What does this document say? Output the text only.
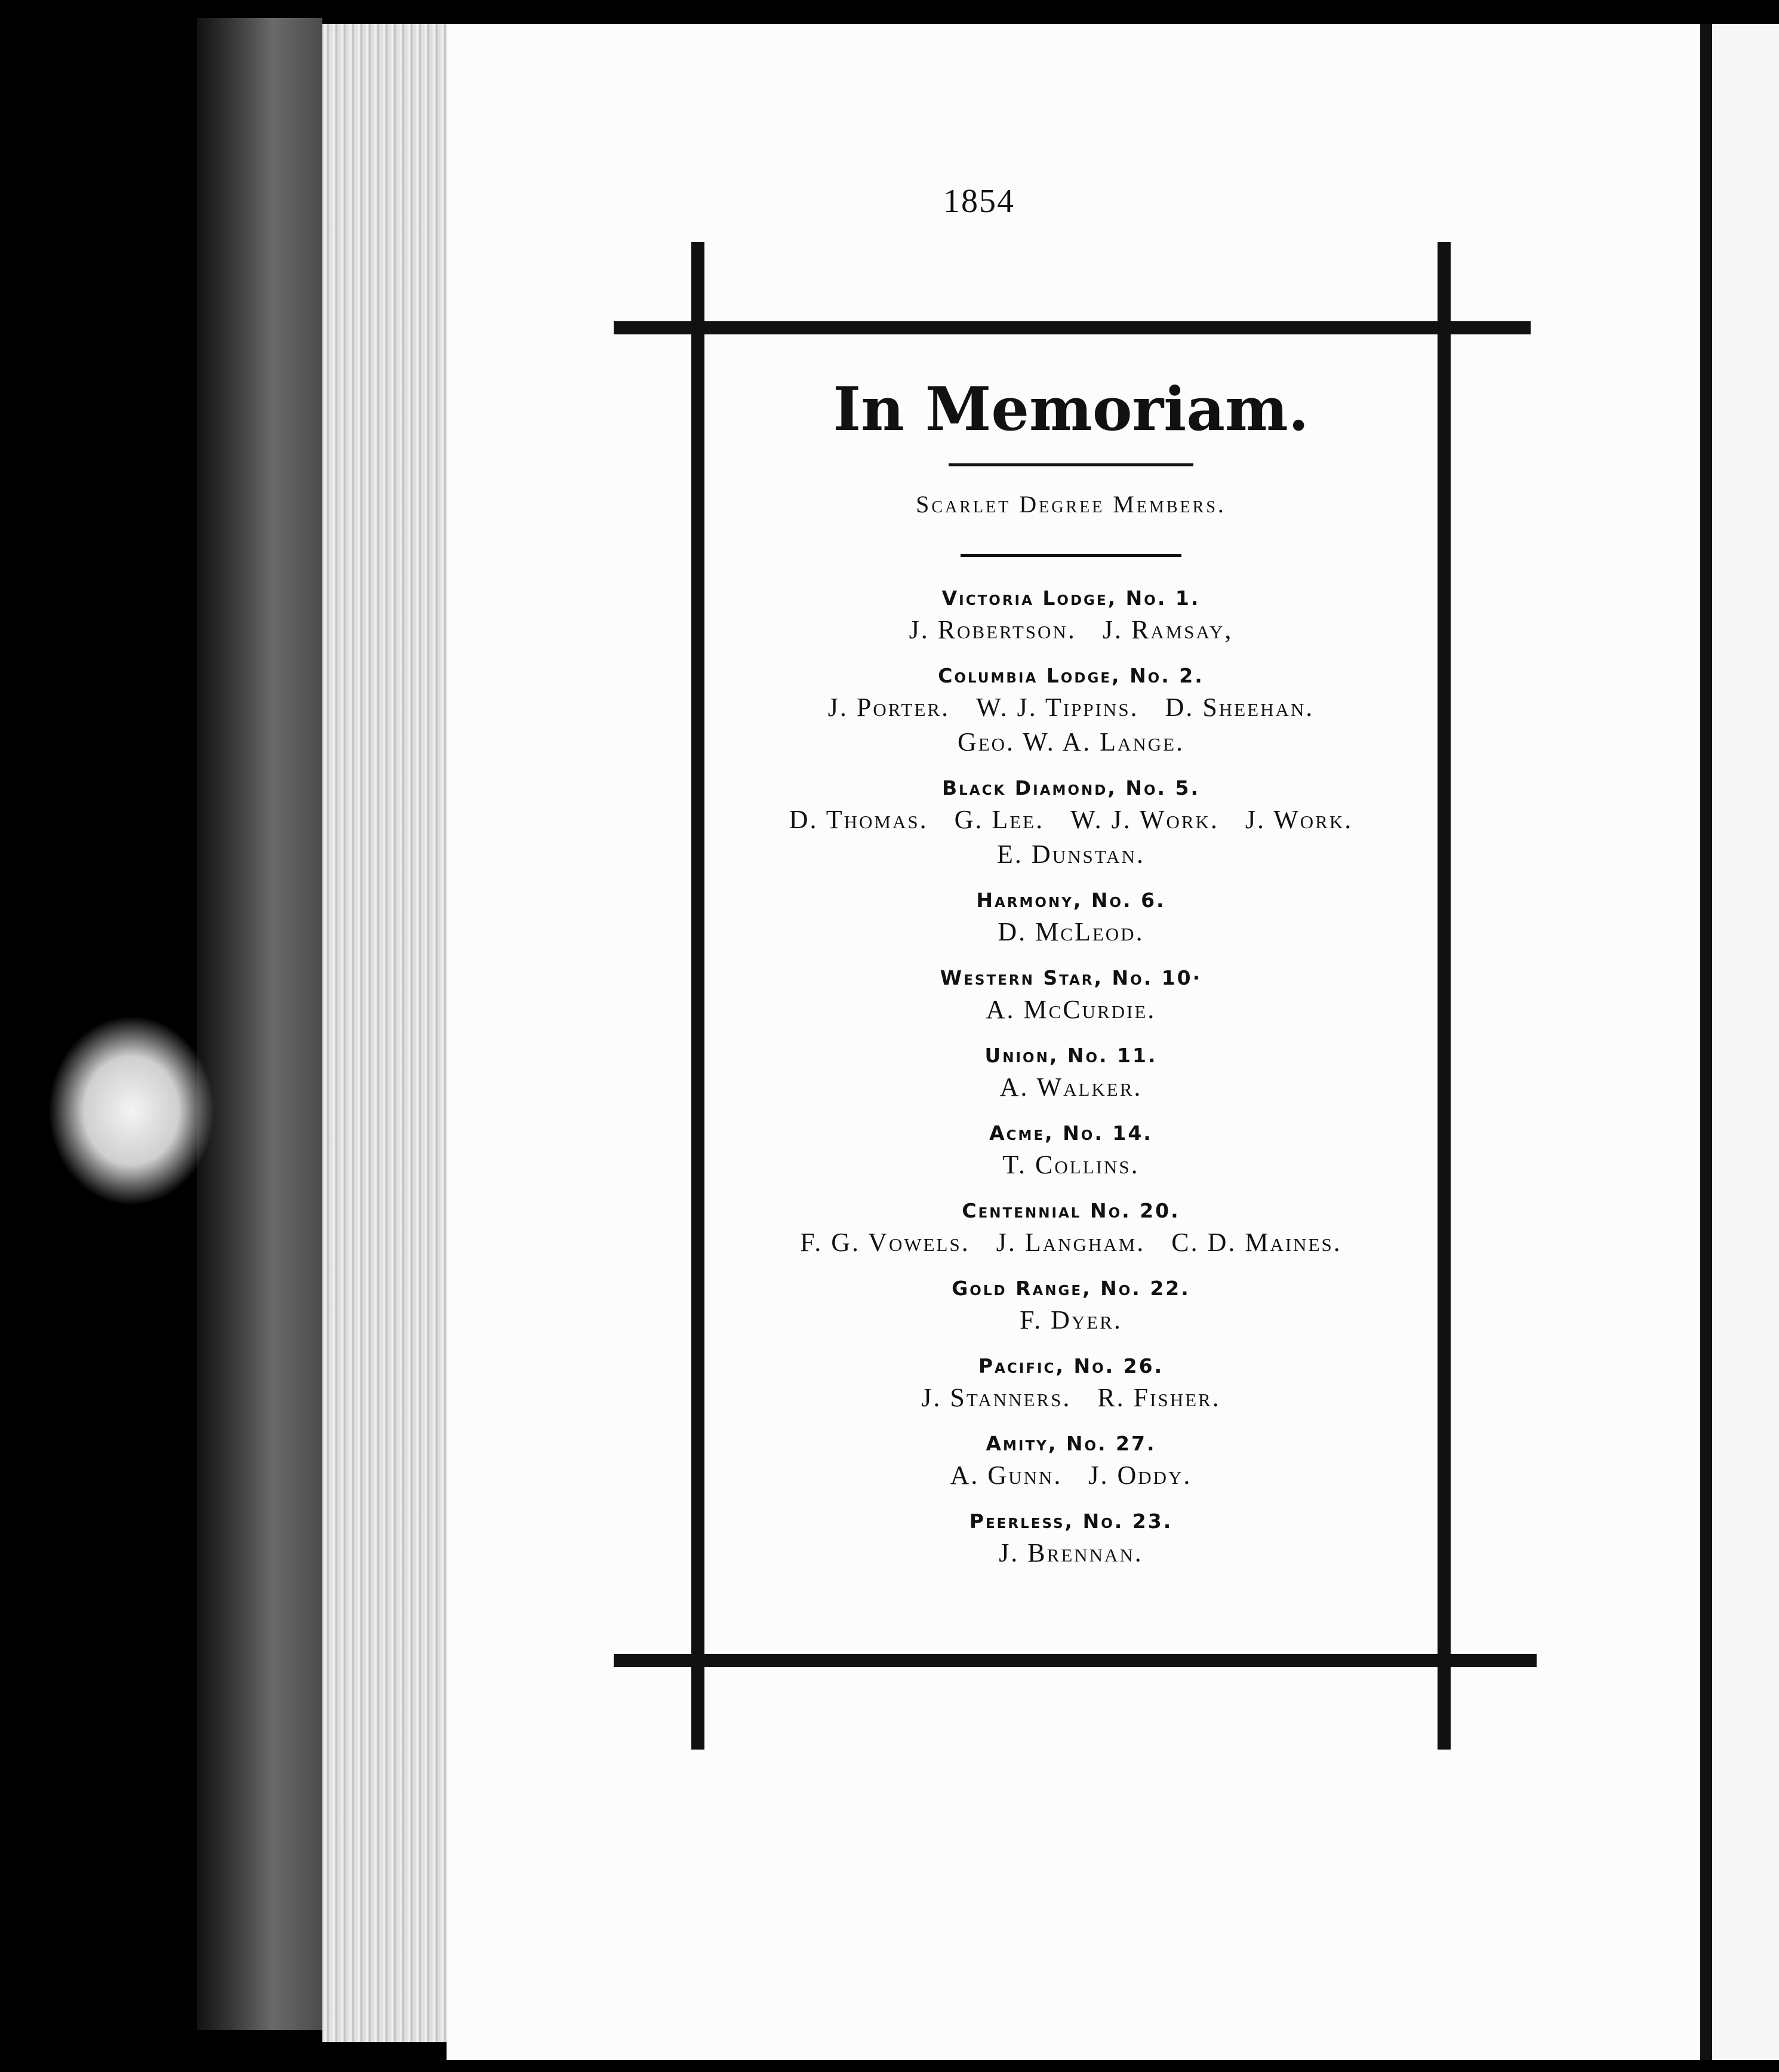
1854
In Memoriam.
Scarlet Degree Members.
Victoria Lodge, No. 1.
J. Robertson. J. Ramsay,
Columbia Lodge, No. 2.
J. Porter. W. J. Tippins. D. Sheehan.
Geo. W. A. Lange.
Black Diamond, No. 5.
D. Thomas. G. Lee. W. J. Work. J. Work.
E. Dunstan.
Harmony, No. 6.
D. McLeod.
Western Star, No. 10·
A. McCurdie.
Union, No. 11.
A. Walker.
Acme, No. 14.
T. Collins.
Centennial No. 20.
F. G. Vowels. J. Langham. C. D. Maines.
Gold Range, No. 22.
F. Dyer.
Pacific, No. 26.
J. Stanners. R. Fisher.
Amity, No. 27.
A. Gunn. J. Oddy.
Peerless, No. 23.
J. Brennan.
